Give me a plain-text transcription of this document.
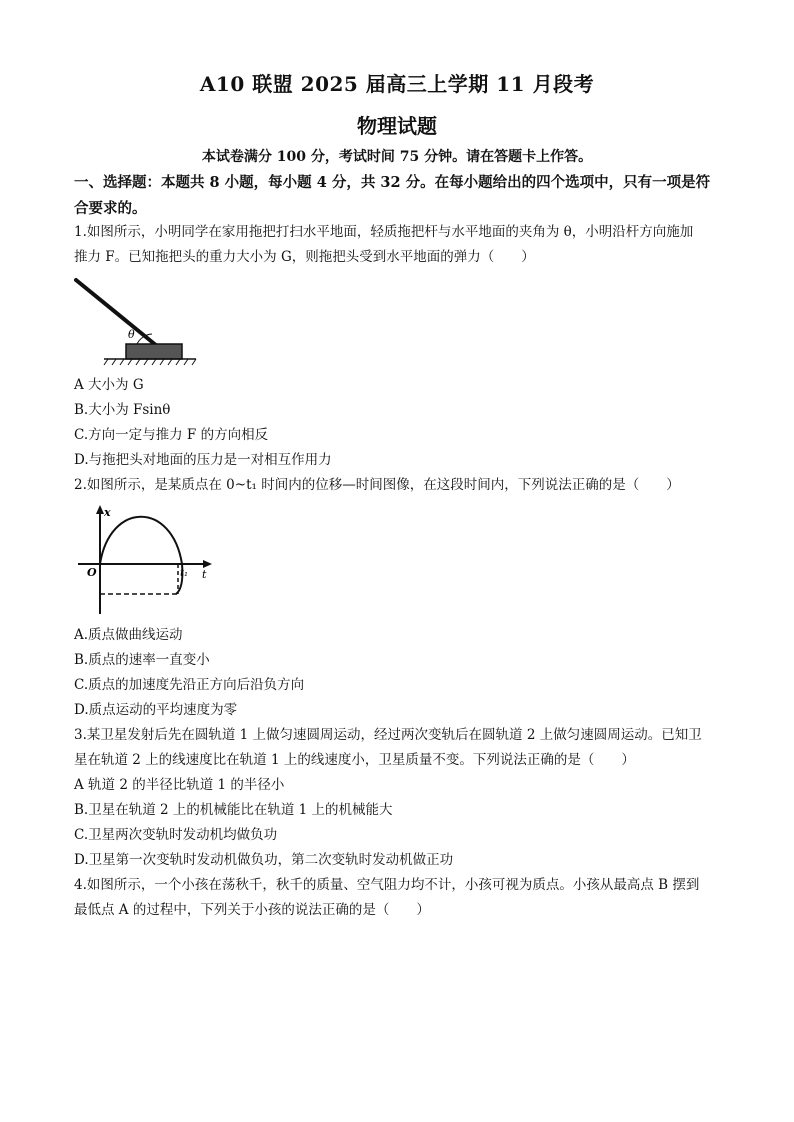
A10 联盟 2025 届高三上学期 11 月段考
物理试题
本试卷满分 100 分，考试时间 75 分钟。请在答题卡上作答。
一、选择题：本题共 8 小题，每小题 4 分，共 32 分。在每小题给出的四个选项中，只有一项是符合要求的。
1.如图所示，小明同学在家用拖把打扫水平地面，轻质拖把杆与水平地面的夹角为 θ，小明沿杆方向施加
推力 F。已知拖把头的重力大小为 G，则拖把头受到水平地面的弹力（　　）
θ
A 大小为 G
B.大小为 Fsinθ
C.方向一定与推力 F 的方向相反
D.与拖把头对地面的压力是一对相互作用力
2.如图所示，是某质点在 0~t₁ 时间内的位移—时间图像，在这段时间内，下列说法正确的是（　　）
x
O	t₁ t
A.质点做曲线运动
B.质点的速率一直变小
C.质点的加速度先沿正方向后沿负方向
D.质点运动的平均速度为零
3.某卫星发射后先在圆轨道 1 上做匀速圆周运动，经过两次变轨后在圆轨道 2 上做匀速圆周运动。已知卫
星在轨道 2 上的线速度比在轨道 1 上的线速度小，卫星质量不变。下列说法正确的是（　　）
A 轨道 2 的半径比轨道 1 的半径小
B.卫星在轨道 2 上的机械能比在轨道 1 上的机械能大
C.卫星两次变轨时发动机均做负功
D.卫星第一次变轨时发动机做负功，第二次变轨时发动机做正功
4.如图所示，一个小孩在荡秋千，秋千的质量、空气阻力均不计，小孩可视为质点。小孩从最高点 B 摆到
最低点 A 的过程中，下列关于小孩的说法正确的是（　　）
